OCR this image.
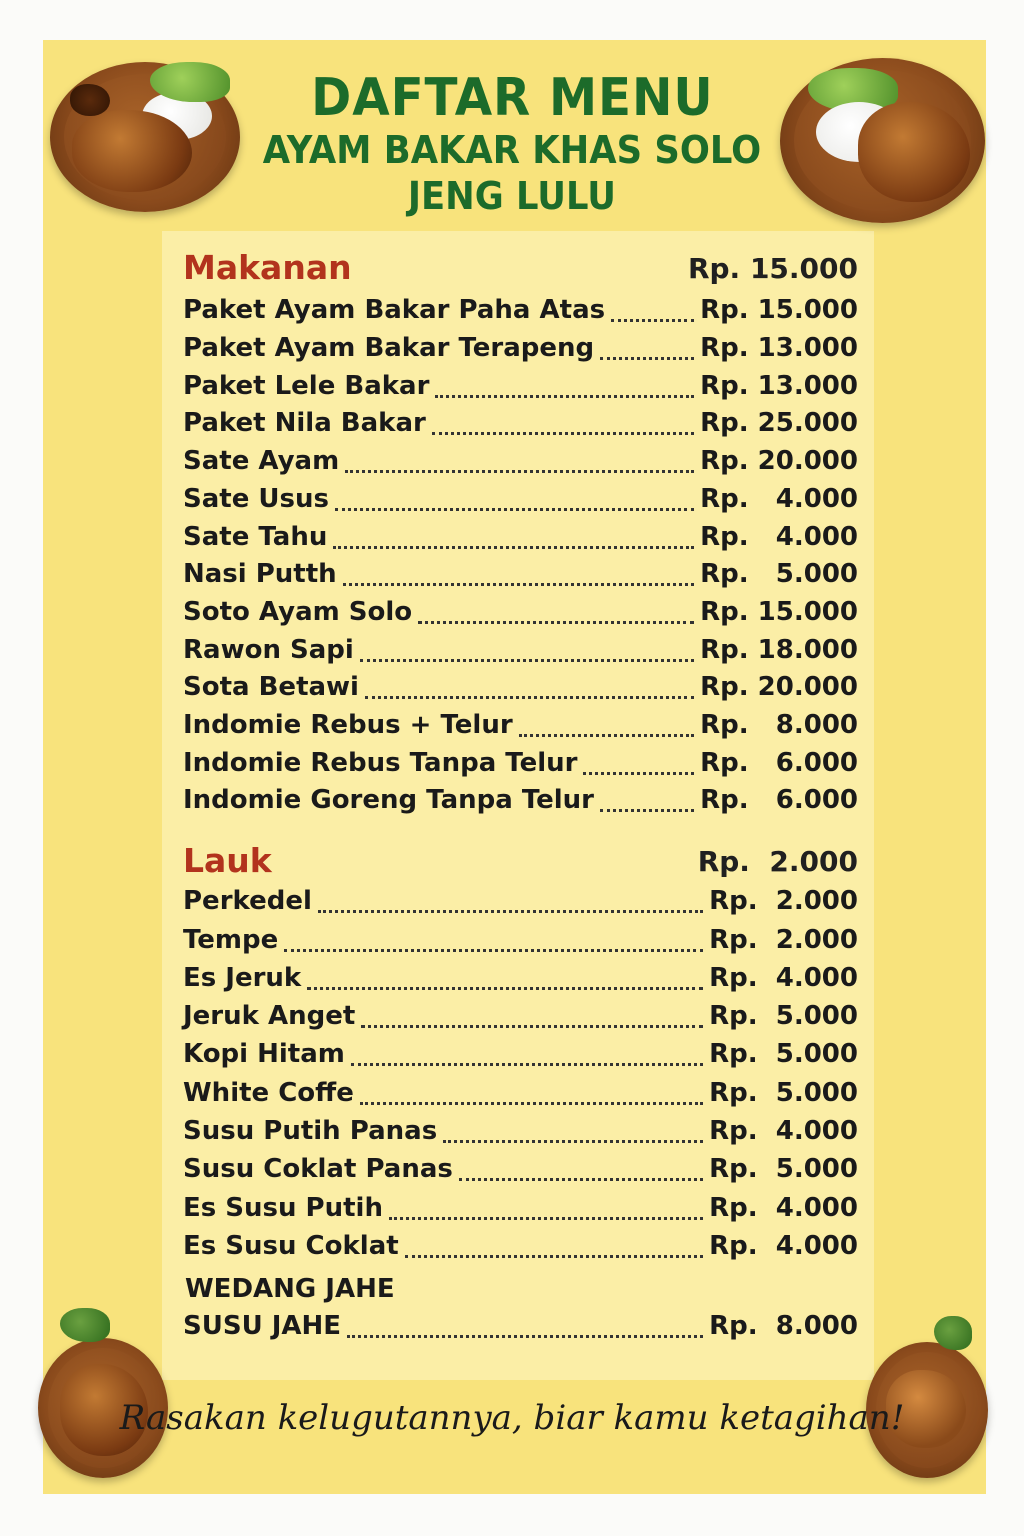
DAFTAR MENU
AYAM BAKAR KHAS SOLO
JENG LULU
Makanan	Rp. 15.000
Paket Ayam Bakar Paha Atas	Rp. 15.000
Paket Ayam Bakar Terapeng	Rp. 13.000
Paket Lele Bakar	Rp. 13.000
Paket Nila Bakar	Rp. 25.000
Sate Ayam	Rp. 20.000
Sate Usus	Rp.   4.000
Sate Tahu	Rp.   4.000
Nasi Putth	Rp.   5.000
Soto Ayam Solo	Rp. 15.000
Rawon Sapi	Rp. 18.000
Sota Betawi	Rp. 20.000
Indomie Rebus + Telur	Rp.   8.000
Indomie Rebus Tanpa Telur	Rp.   6.000
Indomie Goreng Tanpa Telur	Rp.   6.000
Lauk	Rp.  2.000
Perkedel	Rp.  2.000
Tempe	Rp.  2.000
Es Jeruk	Rp.  4.000
Jeruk Anget	Rp.  5.000
Kopi Hitam	Rp.  5.000
White Coffe	Rp.  5.000
Susu Putih Panas	Rp.  4.000
Susu Coklat Panas	Rp.  5.000
Es Susu Putih	Rp.  4.000
Es Susu Coklat	Rp.  4.000
WEDANG JAHE
SUSU JAHE	Rp.  8.000
Rasakan kelugutannya, biar kamu ketagihan!
